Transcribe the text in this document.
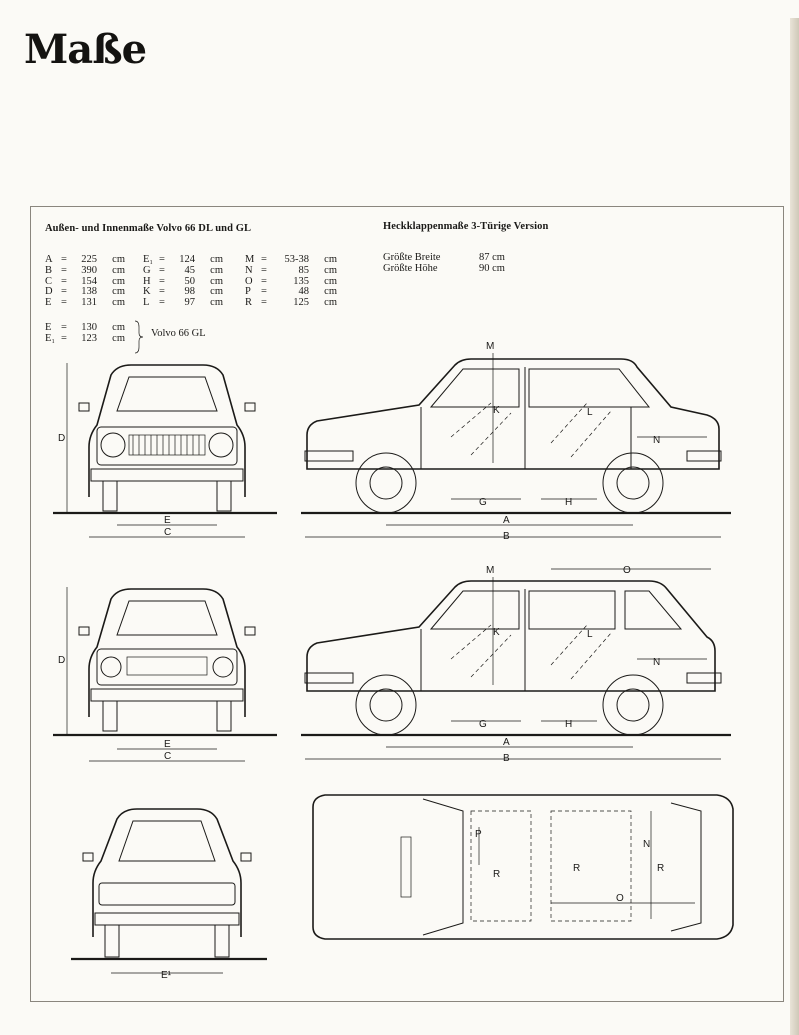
Maße
Außen- und Innenmaße Volvo 66 DL und GL	Heckklappenmaße 3-Türige Version
A = 225 cm
B = 390 cm
C = 154 cm
D = 138 cm
E = 131 cm
E₁ = 124 cm
G = 45 cm
H = 50 cm
K = 98 cm
L = 97 cm
M = 53-38 cm
N =	85 cm
O =	135 cm
P =	48 cm
R =	125 cm
E = 130 cm
E₁ = 123 cm Volvo 66 GL
Größte Breite	87 cm
Größte Höhe	90 cm
D
E
C
M
K	L
N
G	H
A
B
D
E
C
M	O
K	L
N
G	H
A
B
E¹
P
R
R	R
N
O
